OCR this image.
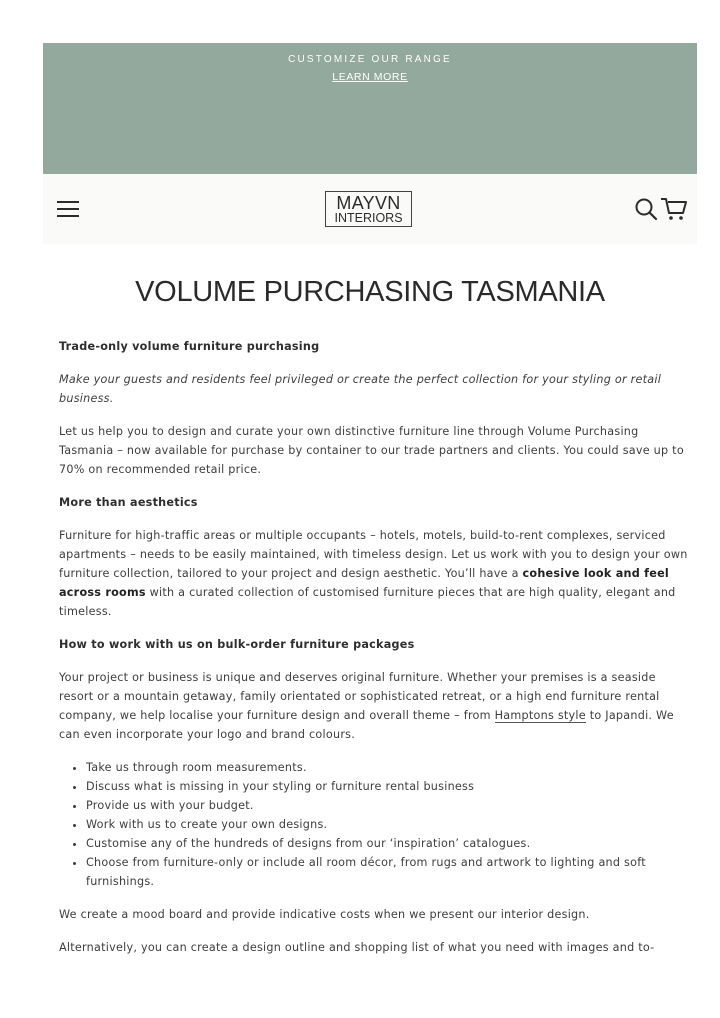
CUSTOMIZE OUR RANGE
LEARN MORE
MAYVN
INTERIORS
VOLUME PURCHASING TASMANIA

Trade-only volume furniture purchasing

Make your guests and residents feel privileged or create the perfect collection for your styling or retail business.

Let us help you to design and curate your own distinctive furniture line through Volume Purchasing Tasmania – now available for purchase by container to our trade partners and clients. You could save up to 70% on recommended retail price.

More than aesthetics

Furniture for high-traffic areas or multiple occupants – hotels, motels, build-to-rent complexes, serviced apartments – needs to be easily maintained, with timeless design. Let us work with you to design your own furniture collection, tailored to your project and design aesthetic. You’ll have a cohesive look and feel across rooms with a curated collection of customised furniture pieces that are high quality, elegant and timeless.

How to work with us on bulk-order furniture packages

Your project or business is unique and deserves original furniture. Whether your premises is a seaside resort or a mountain getaway, family orientated or sophisticated retreat, or a high end furniture rental company, we help localise your furniture design and overall theme – from Hamptons style to Japandi. We can even incorporate your logo and brand colours.

• Take us through room measurements.
• Discuss what is missing in your styling or furniture rental business
• Provide us with your budget.
• Work with us to create your own designs.
• Customise any of the hundreds of designs from our ‘inspiration’ catalogues.
• Choose from furniture-only or include all room décor, from rugs and artwork to lighting and soft furnishings.

We create a mood board and provide indicative costs when we present our interior design.

Alternatively, you can create a design outline and shopping list of what you need with images and to-
